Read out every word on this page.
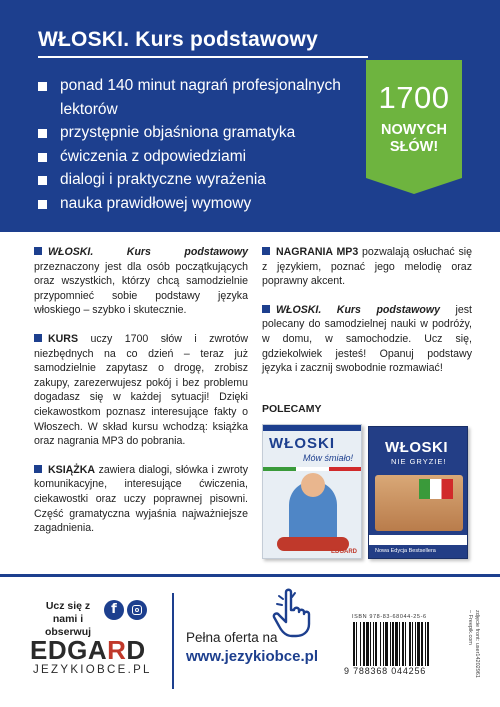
WŁOSKI. Kurs podstawowy
ponad 140 minut nagrań profesjonalnych lektorów
przystępnie objaśniona gramatyka
ćwiczenia z odpowiedziami
dialogi i praktyczne wyrażenia
nauka prawidłowej wymowy
1700
NOWYCH
SŁÓW!

WŁOSKI. Kurs podstawowy przeznaczony jest dla osób początkujących oraz wszystkich, którzy chcą samodzielnie przypomnieć sobie podstawy języka włoskiego – szybko i skutecznie.

KURS uczy 1700 słów i zwrotów niezbędnych na co dzień – teraz już samodzielnie zapytasz o drogę, zrobisz zakupy, zarezerwujesz pokój i bez problemu dogadasz się w każdej sytuacji! Dzięki ciekawostkom poznasz interesujące fakty o Włoszech. W skład kursu wchodzą: książka oraz nagrania MP3 do pobrania.

KSIĄŻKA zawiera dialogi, słówka i zwroty komunikacyjne, interesujące ćwiczenia, ciekawostki oraz uczy poprawnej pisowni. Część gramatyczna wyjaśnia najważniejsze zagadnienia.

NAGRANIA MP3 pozwalają osłuchać się z językiem, poznać jego melodię oraz poprawny akcent.

WŁOSKI. Kurs podstawowy jest polecany do samodzielnej nauki w podróży, w domu, w samochodzie. Ucz się, gdziekolwiek jesteś! Opanuj podstawy języka i zacznij swobodnie rozmawiać!

POLECAMY
WŁOSKI
Mów śmiało!
EDGARD
WŁOSKI
NIE GRYZIE!
Nowa Edycja Bestsellera
Ucz się z nami i obserwuj
f
EDGARD
JEZYKIOBCE.PL
Pełna oferta na
www.jezykiobce.pl
ISBN 978-83-68044-25-6
9 788368 044256	zdjęcie front: user14202961
– Freepik.com
